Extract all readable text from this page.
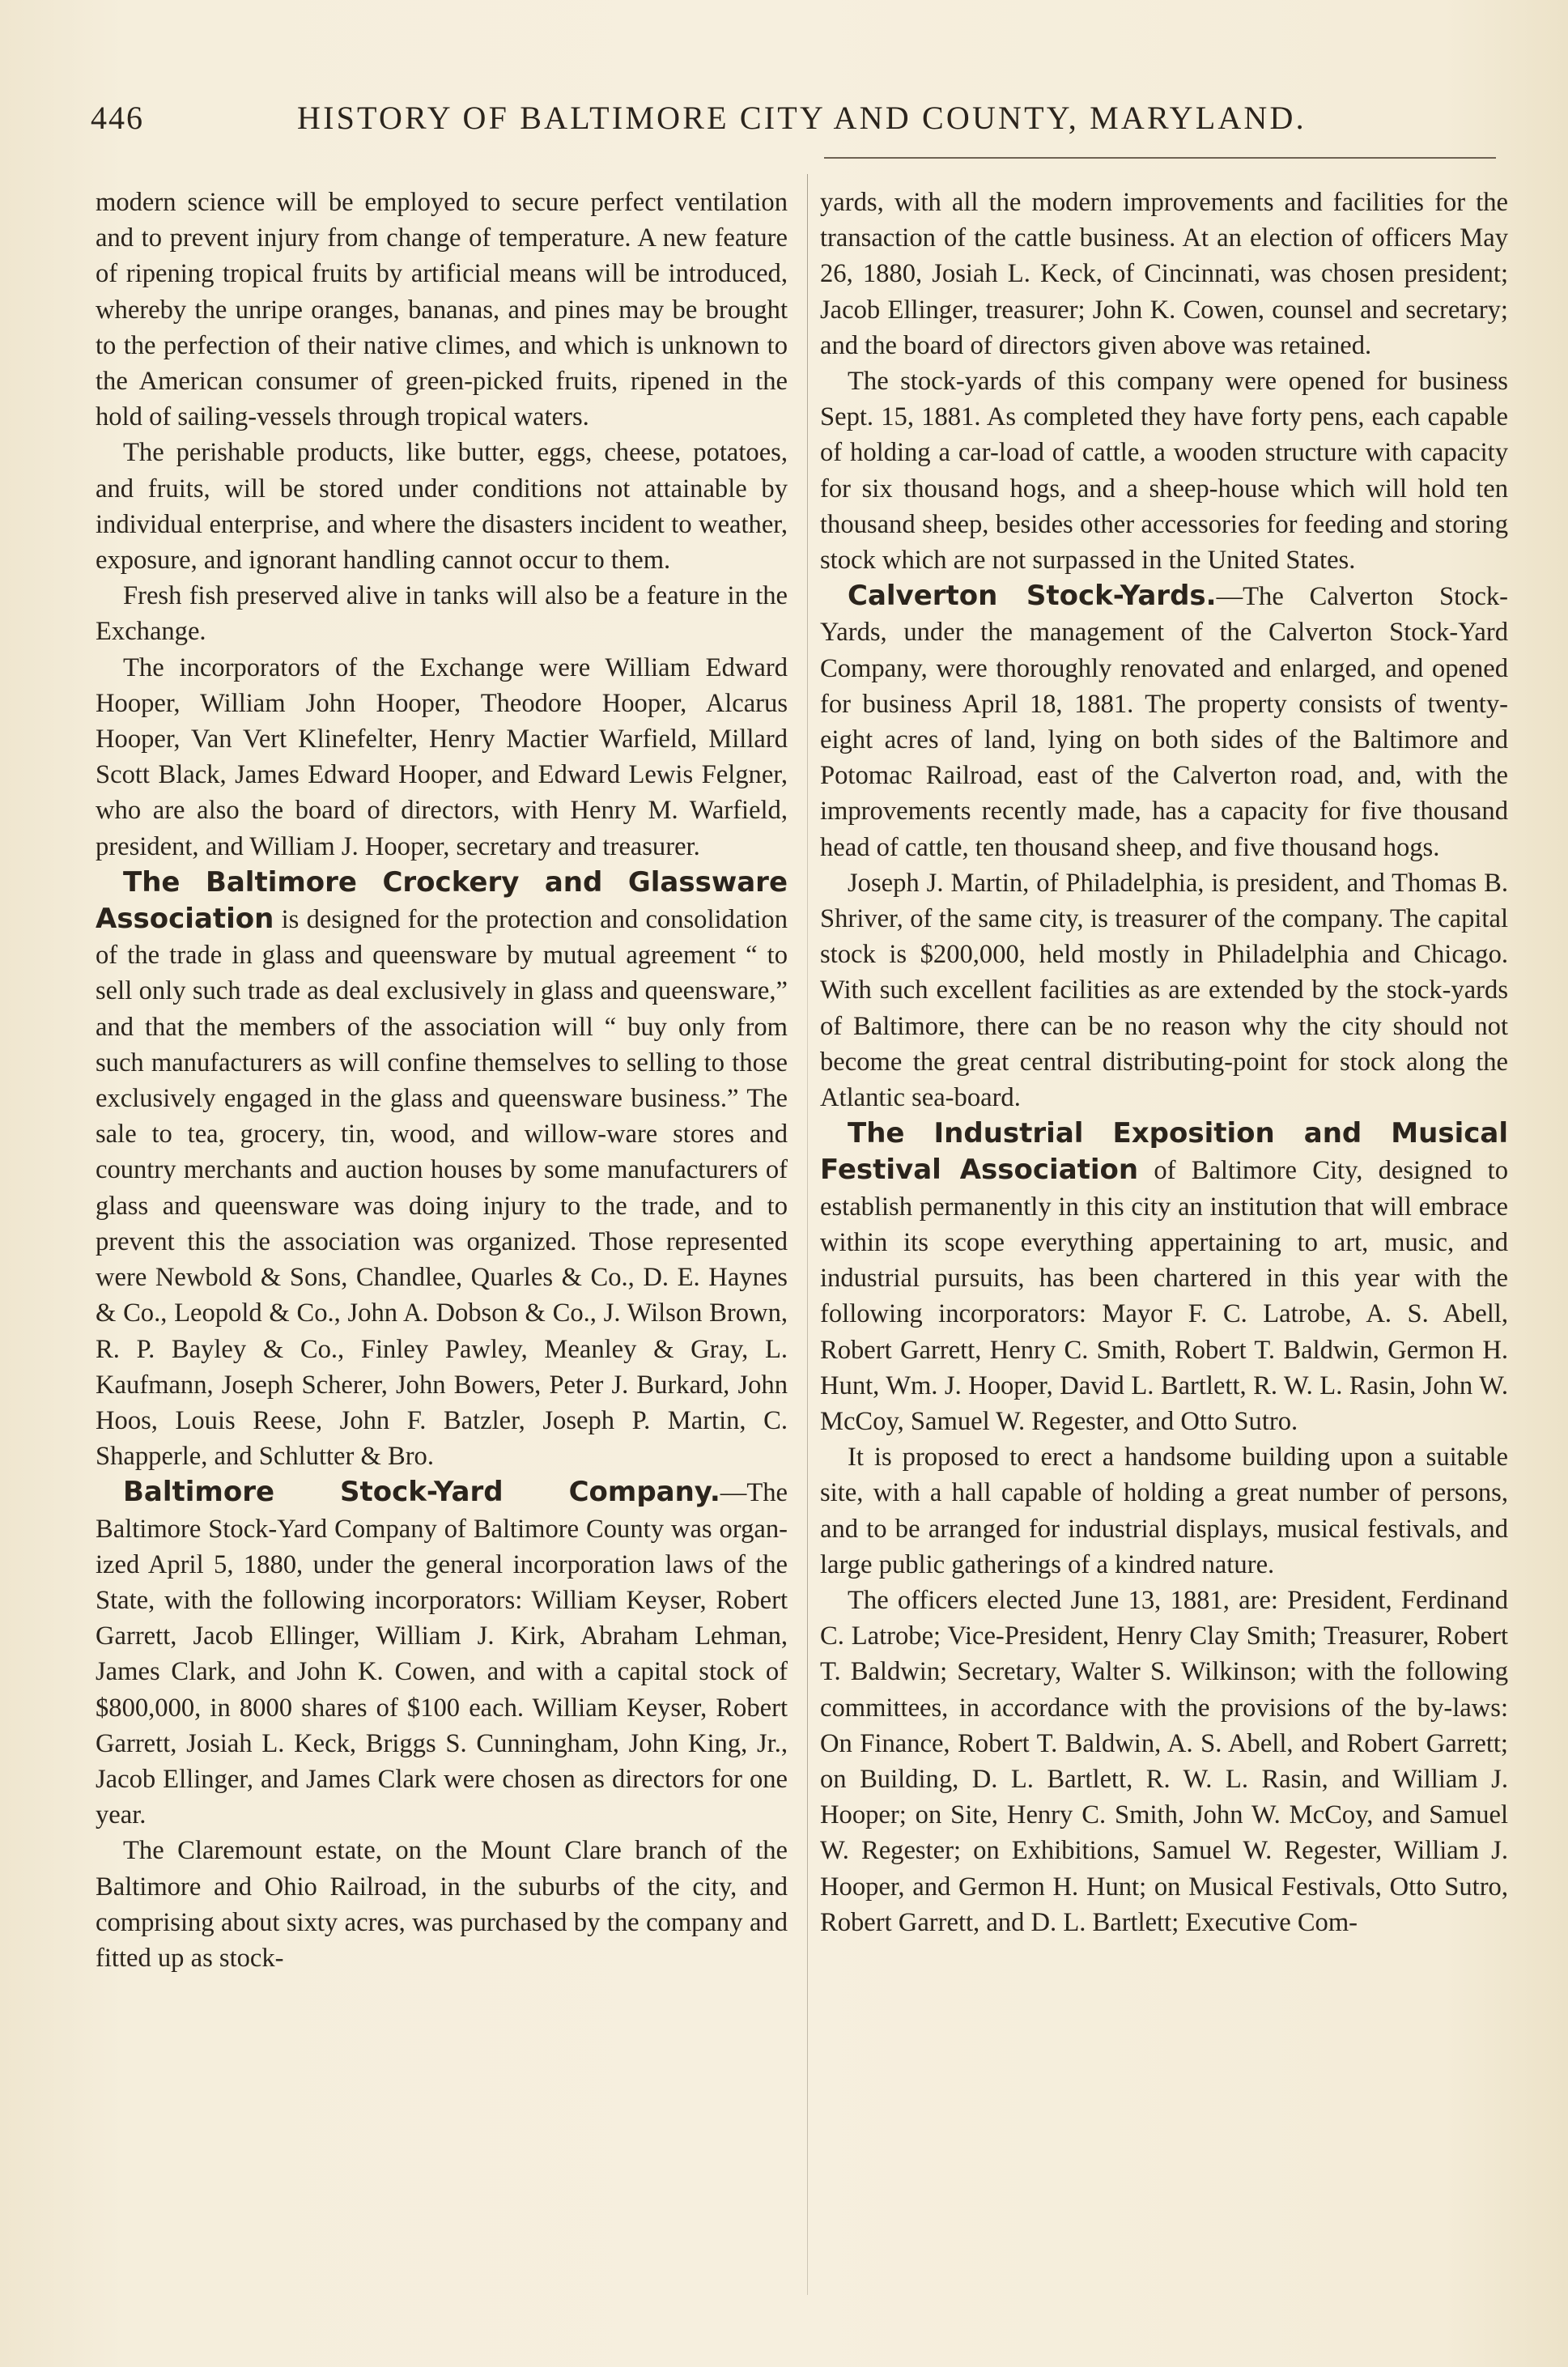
446	HISTORY OF BALTIMORE CITY AND COUNTY, MARYLAND.

modern science will be employed to secure perfect ventilation and to prevent injury from change of temperature. A new feature of ripening tropical fruits by artificial means will be introduced, whereby the unripe oranges, bananas, and pines may be brought to the perfection of their native climes, and which is unknown to the American consumer of green-picked fruits, ripened in the hold of sailing-vessels through tropical waters.

The perishable products, like butter, eggs, cheese, potatoes, and fruits, will be stored under conditions not attainable by individual enterprise, and where the disasters incident to weather, exposure, and ignorant handling cannot occur to them.

Fresh fish preserved alive in tanks will also be a feature in the Exchange.

The incorporators of the Exchange were William Edward Hooper, William John Hooper, Theodore Hooper, Alcarus Hooper, Van Vert Klinefelter, Henry Mactier Warfield, Millard Scott Black, James Edward Hooper, and Edward Lewis Felgner, who are also the board of directors, with Henry M. Warfield, president, and William J. Hooper, secretary and treasurer.

The Baltimore Crockery and Glassware Association is designed for the protection and consolidation of the trade in glass and queensware by mutual agreement “ to sell only such trade as deal exclusively in glass and queensware,” and that the members of the association will “ buy only from such manufacturers as will confine themselves to selling to those exclusively engaged in the glass and queensware business.” The sale to tea, grocery, tin, wood, and willow-ware stores and country merchants and auction houses by some manufacturers of glass and queensware was doing injury to the trade, and to prevent this the association was organized. Those represented were Newbold & Sons, Chandlee, Quarles & Co., D. E. Haynes & Co., Leopold & Co., John A. Dobson & Co., J. Wilson Brown, R. P. Bayley & Co., Finley Pawley, Meanley & Gray, L. Kaufmann, Joseph Scherer, John Bowers, Peter J. Burkard, John Hoos, Louis Reese, John F. Batzler, Joseph P. Martin, C. Shapperle, and Schlutter & Bro.

Baltimore Stock-Yard Company.—The Baltimore Stock-Yard Company of Baltimore County was organized April 5, 1880, under the general incorporation laws of the State, with the following incorporators: William Keyser, Robert Garrett, Jacob Ellinger, William J. Kirk, Abraham Lehman, James Clark, and John K. Cowen, and with a capital stock of $800,000, in 8000 shares of $100 each. William Keyser, Robert Garrett, Josiah L. Keck, Briggs S. Cunningham, John King, Jr., Jacob Ellinger, and James Clark were chosen as directors for one year.

The Claremount estate, on the Mount Clare branch of the Baltimore and Ohio Railroad, in the suburbs of the city, and comprising about sixty acres, was purchased by the company and fitted up as stock-

yards, with all the modern improvements and facilities for the transaction of the cattle business. At an election of officers May 26, 1880, Josiah L. Keck, of Cincinnati, was chosen president; Jacob Ellinger, treasurer; John K. Cowen, counsel and secretary; and the board of directors given above was retained.

The stock-yards of this company were opened for business Sept. 15, 1881. As completed they have forty pens, each capable of holding a car-load of cattle, a wooden structure with capacity for six thousand hogs, and a sheep-house which will hold ten thousand sheep, besides other accessories for feeding and storing stock which are not surpassed in the United States.

Calverton Stock-Yards.—The Calverton Stock-Yards, under the management of the Calverton Stock-Yard Company, were thoroughly renovated and enlarged, and opened for business April 18, 1881. The property consists of twenty-eight acres of land, lying on both sides of the Baltimore and Potomac Railroad, east of the Calverton road, and, with the improvements recently made, has a capacity for five thousand head of cattle, ten thousand sheep, and five thousand hogs.

Joseph J. Martin, of Philadelphia, is president, and Thomas B. Shriver, of the same city, is treasurer of the company. The capital stock is $200,000, held mostly in Philadelphia and Chicago. With such excellent facilities as are extended by the stock-yards of Baltimore, there can be no reason why the city should not become the great central distributing-point for stock along the Atlantic sea-board.

The Industrial Exposition and Musical Festival Association of Baltimore City, designed to establish permanently in this city an institution that will embrace within its scope everything appertaining to art, music, and industrial pursuits, has been chartered in this year with the following incorporators: Mayor F. C. Latrobe, A. S. Abell, Robert Garrett, Henry C. Smith, Robert T. Baldwin, Germon H. Hunt, Wm. J. Hooper, David L. Bartlett, R. W. L. Rasin, John W. McCoy, Samuel W. Regester, and Otto Sutro.

It is proposed to erect a handsome building upon a suitable site, with a hall capable of holding a great number of persons, and to be arranged for industrial displays, musical festivals, and large public gatherings of a kindred nature.

The officers elected June 13, 1881, are: President, Ferdinand C. Latrobe; Vice-President, Henry Clay Smith; Treasurer, Robert T. Baldwin; Secretary, Walter S. Wilkinson; with the following committees, in accordance with the provisions of the by-laws: On Finance, Robert T. Baldwin, A. S. Abell, and Robert Garrett; on Building, D. L. Bartlett, R. W. L. Rasin, and William J. Hooper; on Site, Henry C. Smith, John W. McCoy, and Samuel W. Regester; on Exhibitions, Samuel W. Regester, William J. Hooper, and Germon H. Hunt; on Musical Festivals, Otto Sutro, Robert Garrett, and D. L. Bartlett; Executive Com-
